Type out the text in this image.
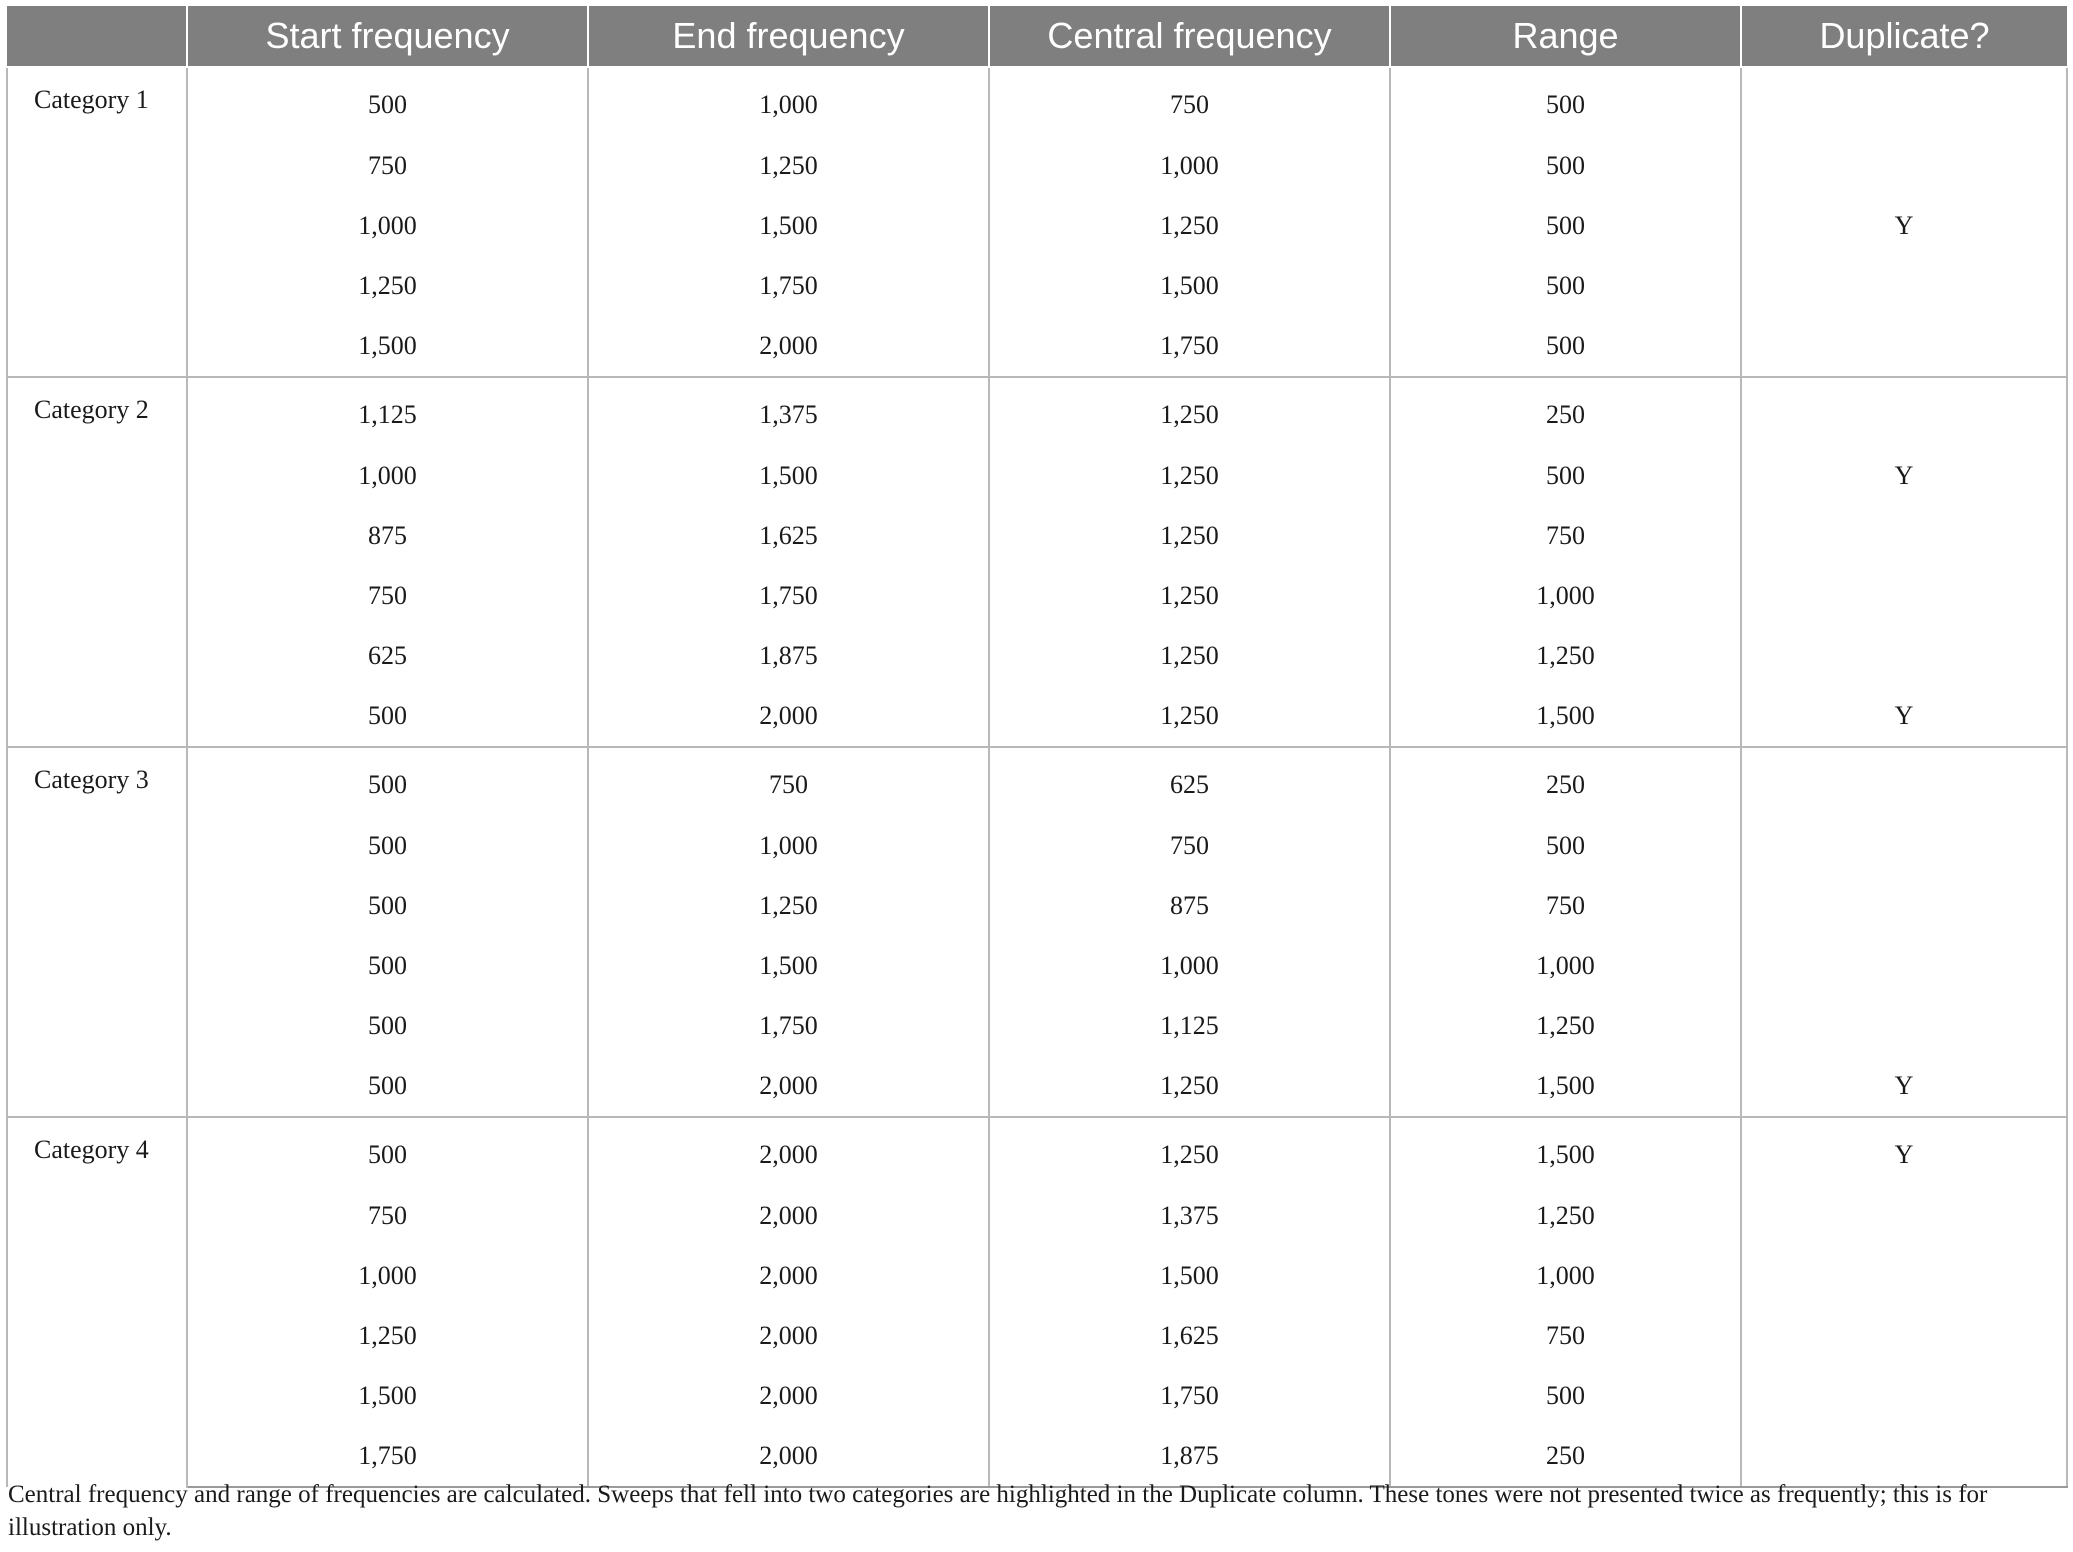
	Start frequency	End frequency	Central frequency	Range	Duplicate?
Category 1	500	1,000	750	500	
	750	1,250	1,000	500	
	1,000	1,500	1,250	500	Y
	1,250	1,750	1,500	500	
	1,500	2,000	1,750	500	
Category 2	1,125	1,375	1,250	250	
	1,000	1,500	1,250	500	Y
	875	1,625	1,250	750	
	750	1,750	1,250	1,000	
	625	1,875	1,250	1,250	
	500	2,000	1,250	1,500	Y
Category 3	500	750	625	250	
	500	1,000	750	500	
	500	1,250	875	750	
	500	1,500	1,000	1,000	
	500	1,750	1,125	1,250	
	500	2,000	1,250	1,500	Y
Category 4	500	2,000	1,250	1,500	Y
	750	2,000	1,375	1,250	
	1,000	2,000	1,500	1,000	
	1,250	2,000	1,625	750	
	1,500	2,000	1,750	500	
	1,750	2,000	1,875	250	
Central frequency and range of frequencies are calculated. Sweeps that fell into two categories are highlighted in the Duplicate column. These tones were not presented twice as frequently; this is for illustration only.
